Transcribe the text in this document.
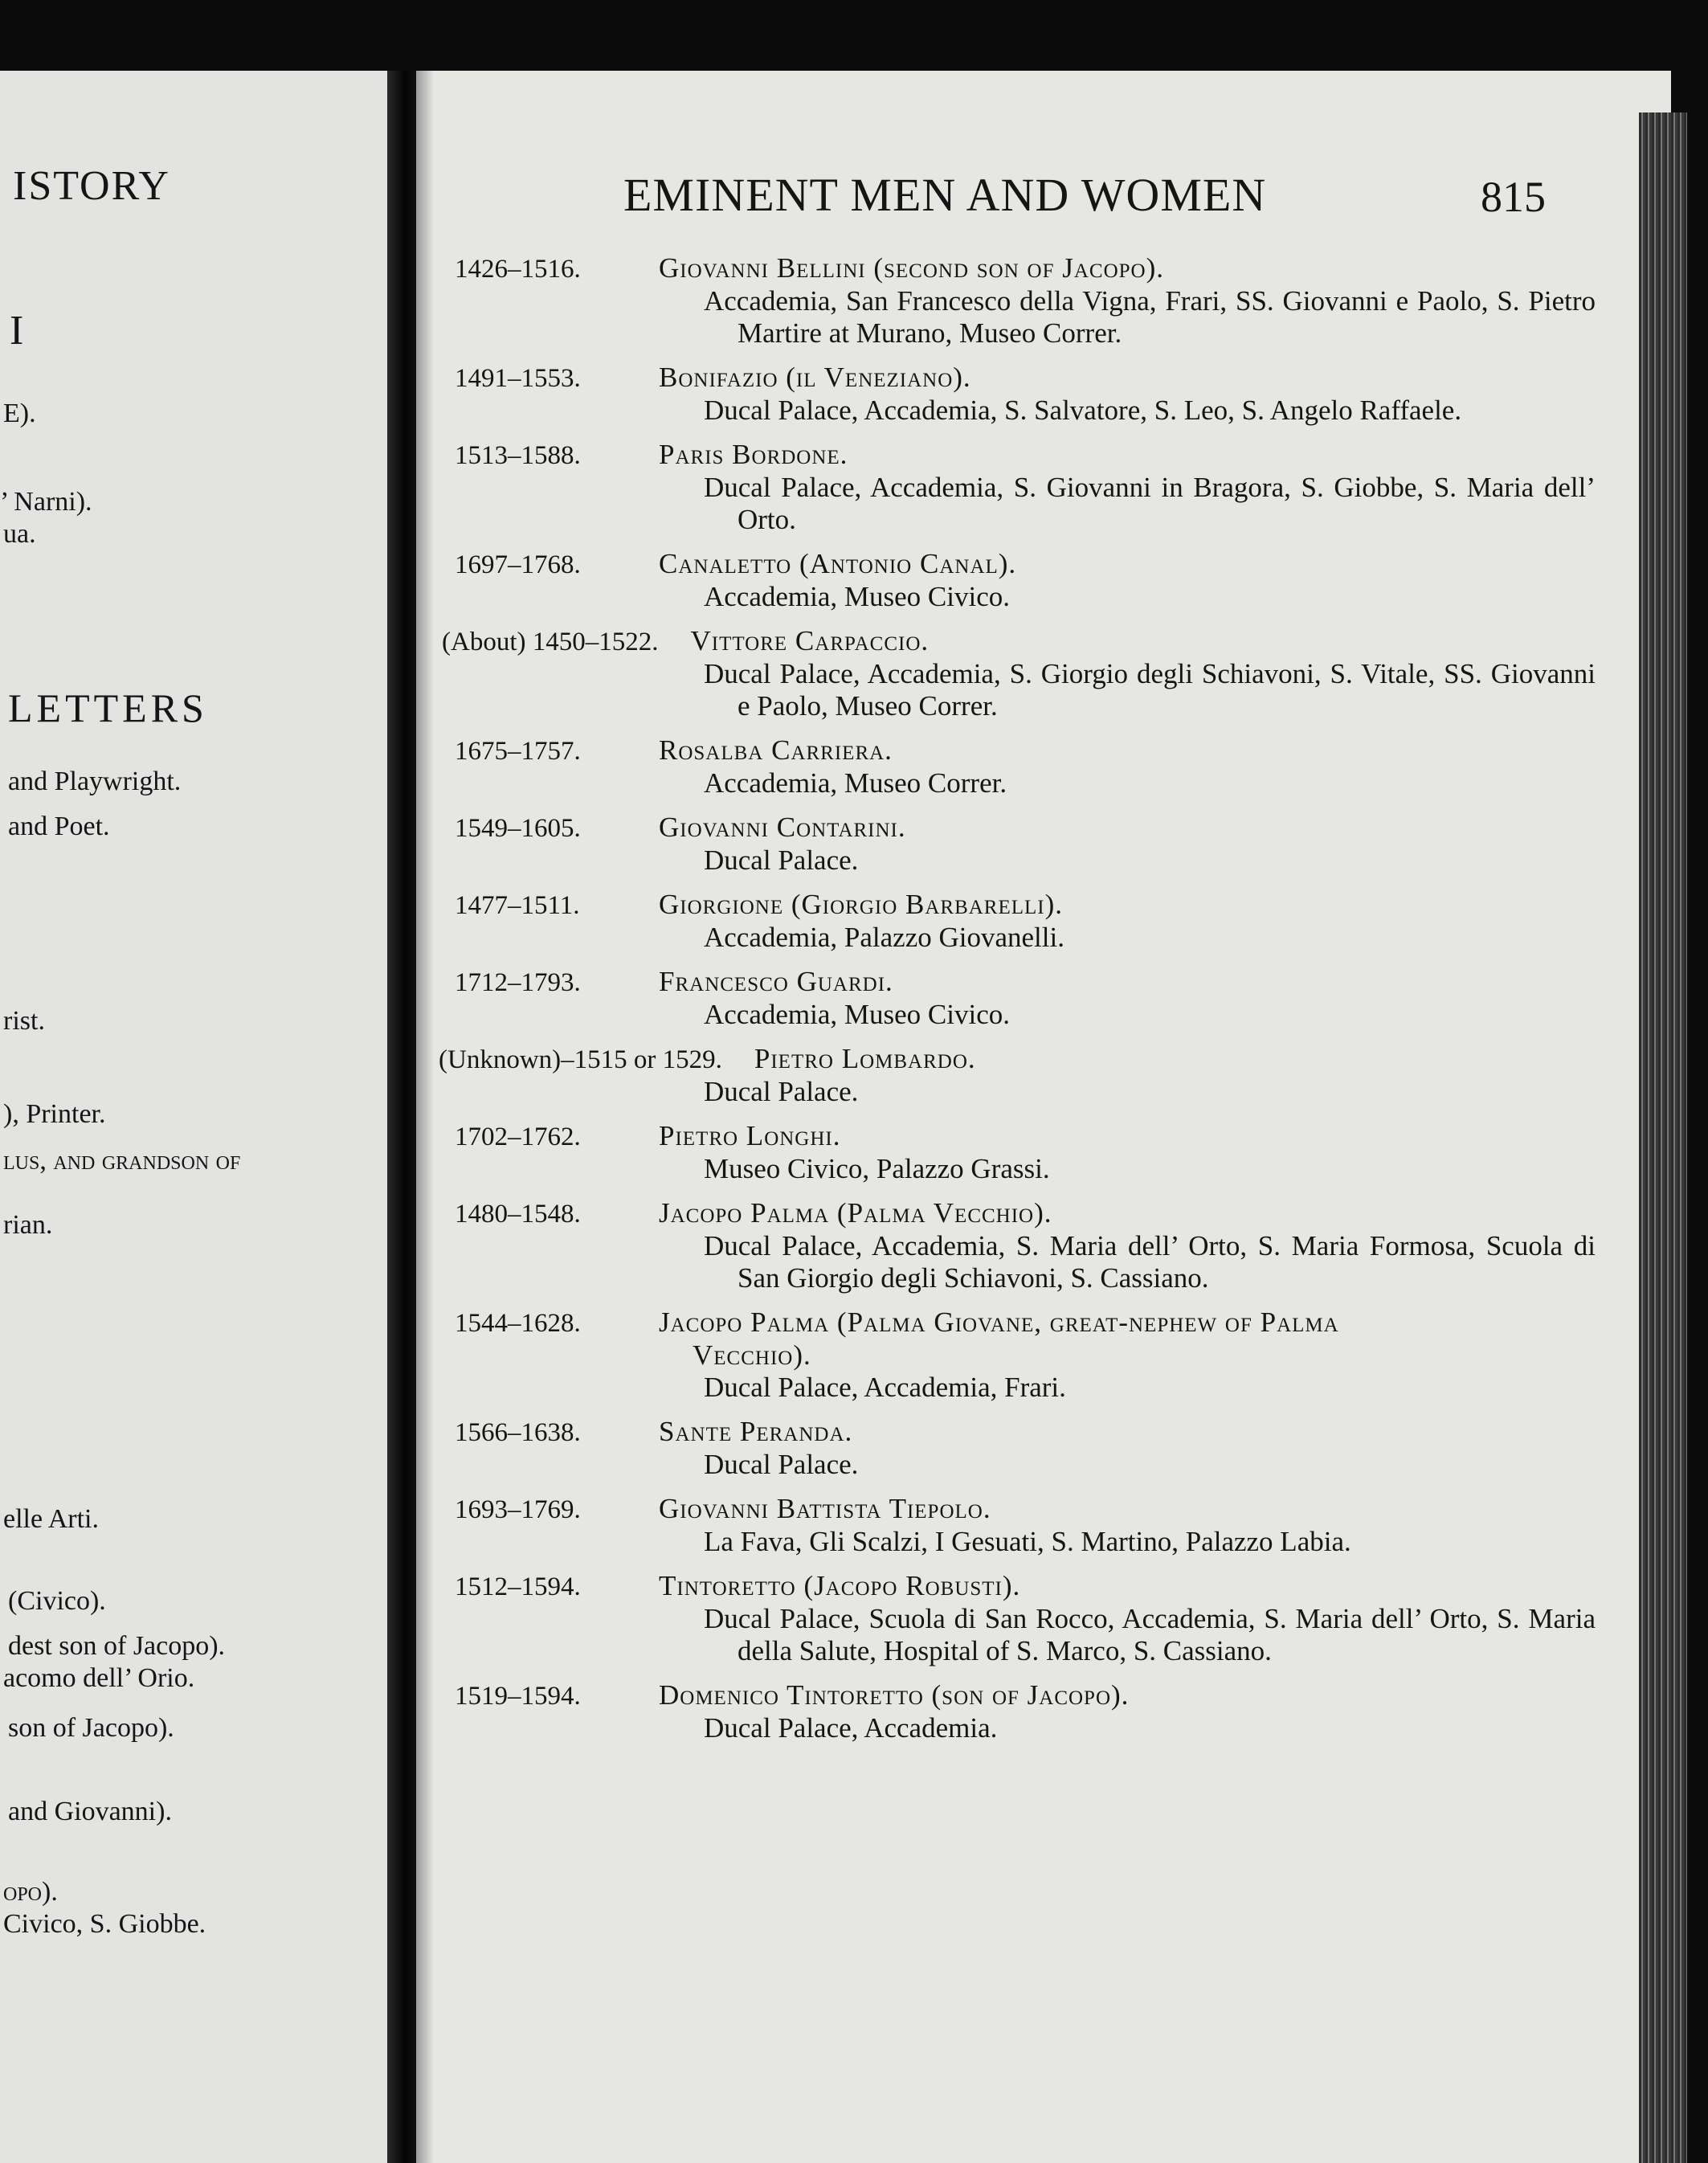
ISTORY
I
E).
’ Narni).
ua.
LETTERS
and Playwright.
and Poet.
rist.
), Printer.
lus, and grandson of
rian.
elle Arti.
(Civico).
dest son of Jacopo).
acomo dell’ Orio.
son of Jacopo).
and Giovanni).
opo).
Civico, S. Giobbe.
EMINENT MEN AND WOMEN	815
1426–1516.	Giovanni Bellini (second son of Jacopo).
Accademia, San Francesco della Vigna, Frari, SS. Giovanni e Paolo, S. Pietro Martire at Murano, Museo Correr.
1491–1553.	Bonifazio (il Veneziano).
Ducal Palace, Accademia, S. Salvatore, S. Leo, S. Angelo Raffaele.
1513–1588.	Paris Bordone.
Ducal Palace, Accademia, S. Giovanni in Bragora, S. Giobbe, S. Maria dell’ Orto.
1697–1768.	Canaletto (Antonio Canal).
Accademia, Museo Civico.
(About) 1450–1522. Vittore Carpaccio.
Ducal Palace, Accademia, S. Giorgio degli Schiavoni, S. Vitale, SS. Giovanni e Paolo, Museo Correr.
1675–1757.	Rosalba Carriera.
Accademia, Museo Correr.
1549–1605.	Giovanni Contarini.
Ducal Palace.
1477–1511.	Giorgione (Giorgio Barbarelli).
Accademia, Palazzo Giovanelli.
1712–1793.	Francesco Guardi.
Accademia, Museo Civico.
(Unknown)–1515 or 1529. Pietro Lombardo.
Ducal Palace.
1702–1762.	Pietro Longhi.
Museo Civico, Palazzo Grassi.
1480–1548.	Jacopo Palma (Palma Vecchio).
Ducal Palace, Accademia, S. Maria dell’ Orto, S. Maria Formosa, Scuola di San Giorgio degli Schiavoni, S. Cassiano.
1544–1628.	Jacopo Palma (Palma Giovane, great-nephew of Palma
Vecchio).
Ducal Palace, Accademia, Frari.
1566–1638.	Sante Peranda.
Ducal Palace.
1693–1769.	Giovanni Battista Tiepolo.
La Fava, Gli Scalzi, I Gesuati, S. Martino, Palazzo Labia.
1512–1594.	Tintoretto (Jacopo Robusti).
Ducal Palace, Scuola di San Rocco, Accademia, S. Maria dell’ Orto, S. Maria della Salute, Hospital of S. Marco, S. Cassiano.
1519–1594.	Domenico Tintoretto (son of Jacopo).
Ducal Palace, Accademia.
